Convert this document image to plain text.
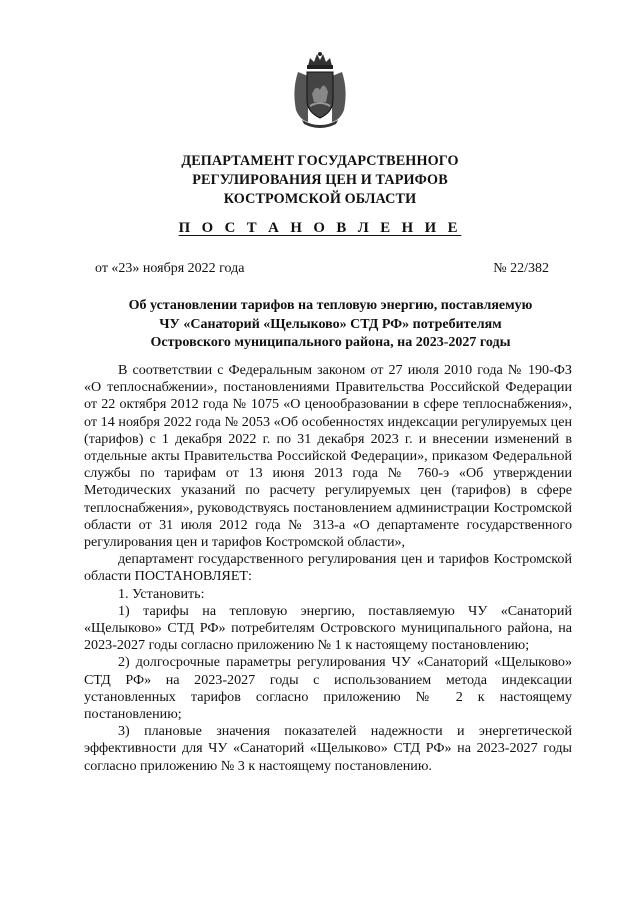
ДЕПАРТАМЕНТ ГОСУДАРСТВЕННОГО
РЕГУЛИРОВАНИЯ ЦЕН И ТАРИФОВ
КОСТРОМСКОЙ ОБЛАСТИ
П О С Т А Н О В Л Е Н И Е
от «23» ноября 2022 года	№ 22/382
Об установлении тарифов на тепловую энергию, поставляемую
ЧУ «Санаторий «Щелыково» СТД РФ» потребителям
Островского муниципального района, на 2023-2027 годы

В соответствии с Федеральным законом от 27 июля 2010 года № 190-ФЗ «О теплоснабжении», постановлениями Правительства Российской Федерации от 22 октября 2012 года № 1075 «О ценообразовании в сфере теплоснабжения», от 14 ноября 2022 года № 2053 «Об особенностях индексации регулируемых цен (тарифов) с 1 декабря 2022 г. по 31 декабря 2023 г. и внесении изменений в отдельные акты Правительства Российской Федерации», приказом Федеральной службы по тарифам от 13 июня 2013 года № 760-э «Об утверждении Методических указаний по расчету регулируемых цен (тарифов) в сфере теплоснабжения», руководствуясь постановлением администрации Костромской области от 31 июля 2012 года № 313-а «О департаменте государственного регулирования цен и тарифов Костромской области»,

департамент государственного регулирования цен и тарифов Костромской области ПОСТАНОВЛЯЕТ:

1. Установить:

1) тарифы на тепловую энергию, поставляемую ЧУ «Санаторий «Щелыково» СТД РФ» потребителям Островского муниципального района, на 2023-2027 годы согласно приложению № 1 к настоящему постановлению;

2) долгосрочные параметры регулирования ЧУ «Санаторий «Щелыково» СТД РФ» на 2023-2027 годы с использованием метода индексации установленных тарифов согласно приложению № 2 к настоящему постановлению;

3) плановые значения показателей надежности и энергетической эффективности для ЧУ «Санаторий «Щелыково» СТД РФ» на 2023-2027 годы согласно приложению № 3 к настоящему постановлению.
